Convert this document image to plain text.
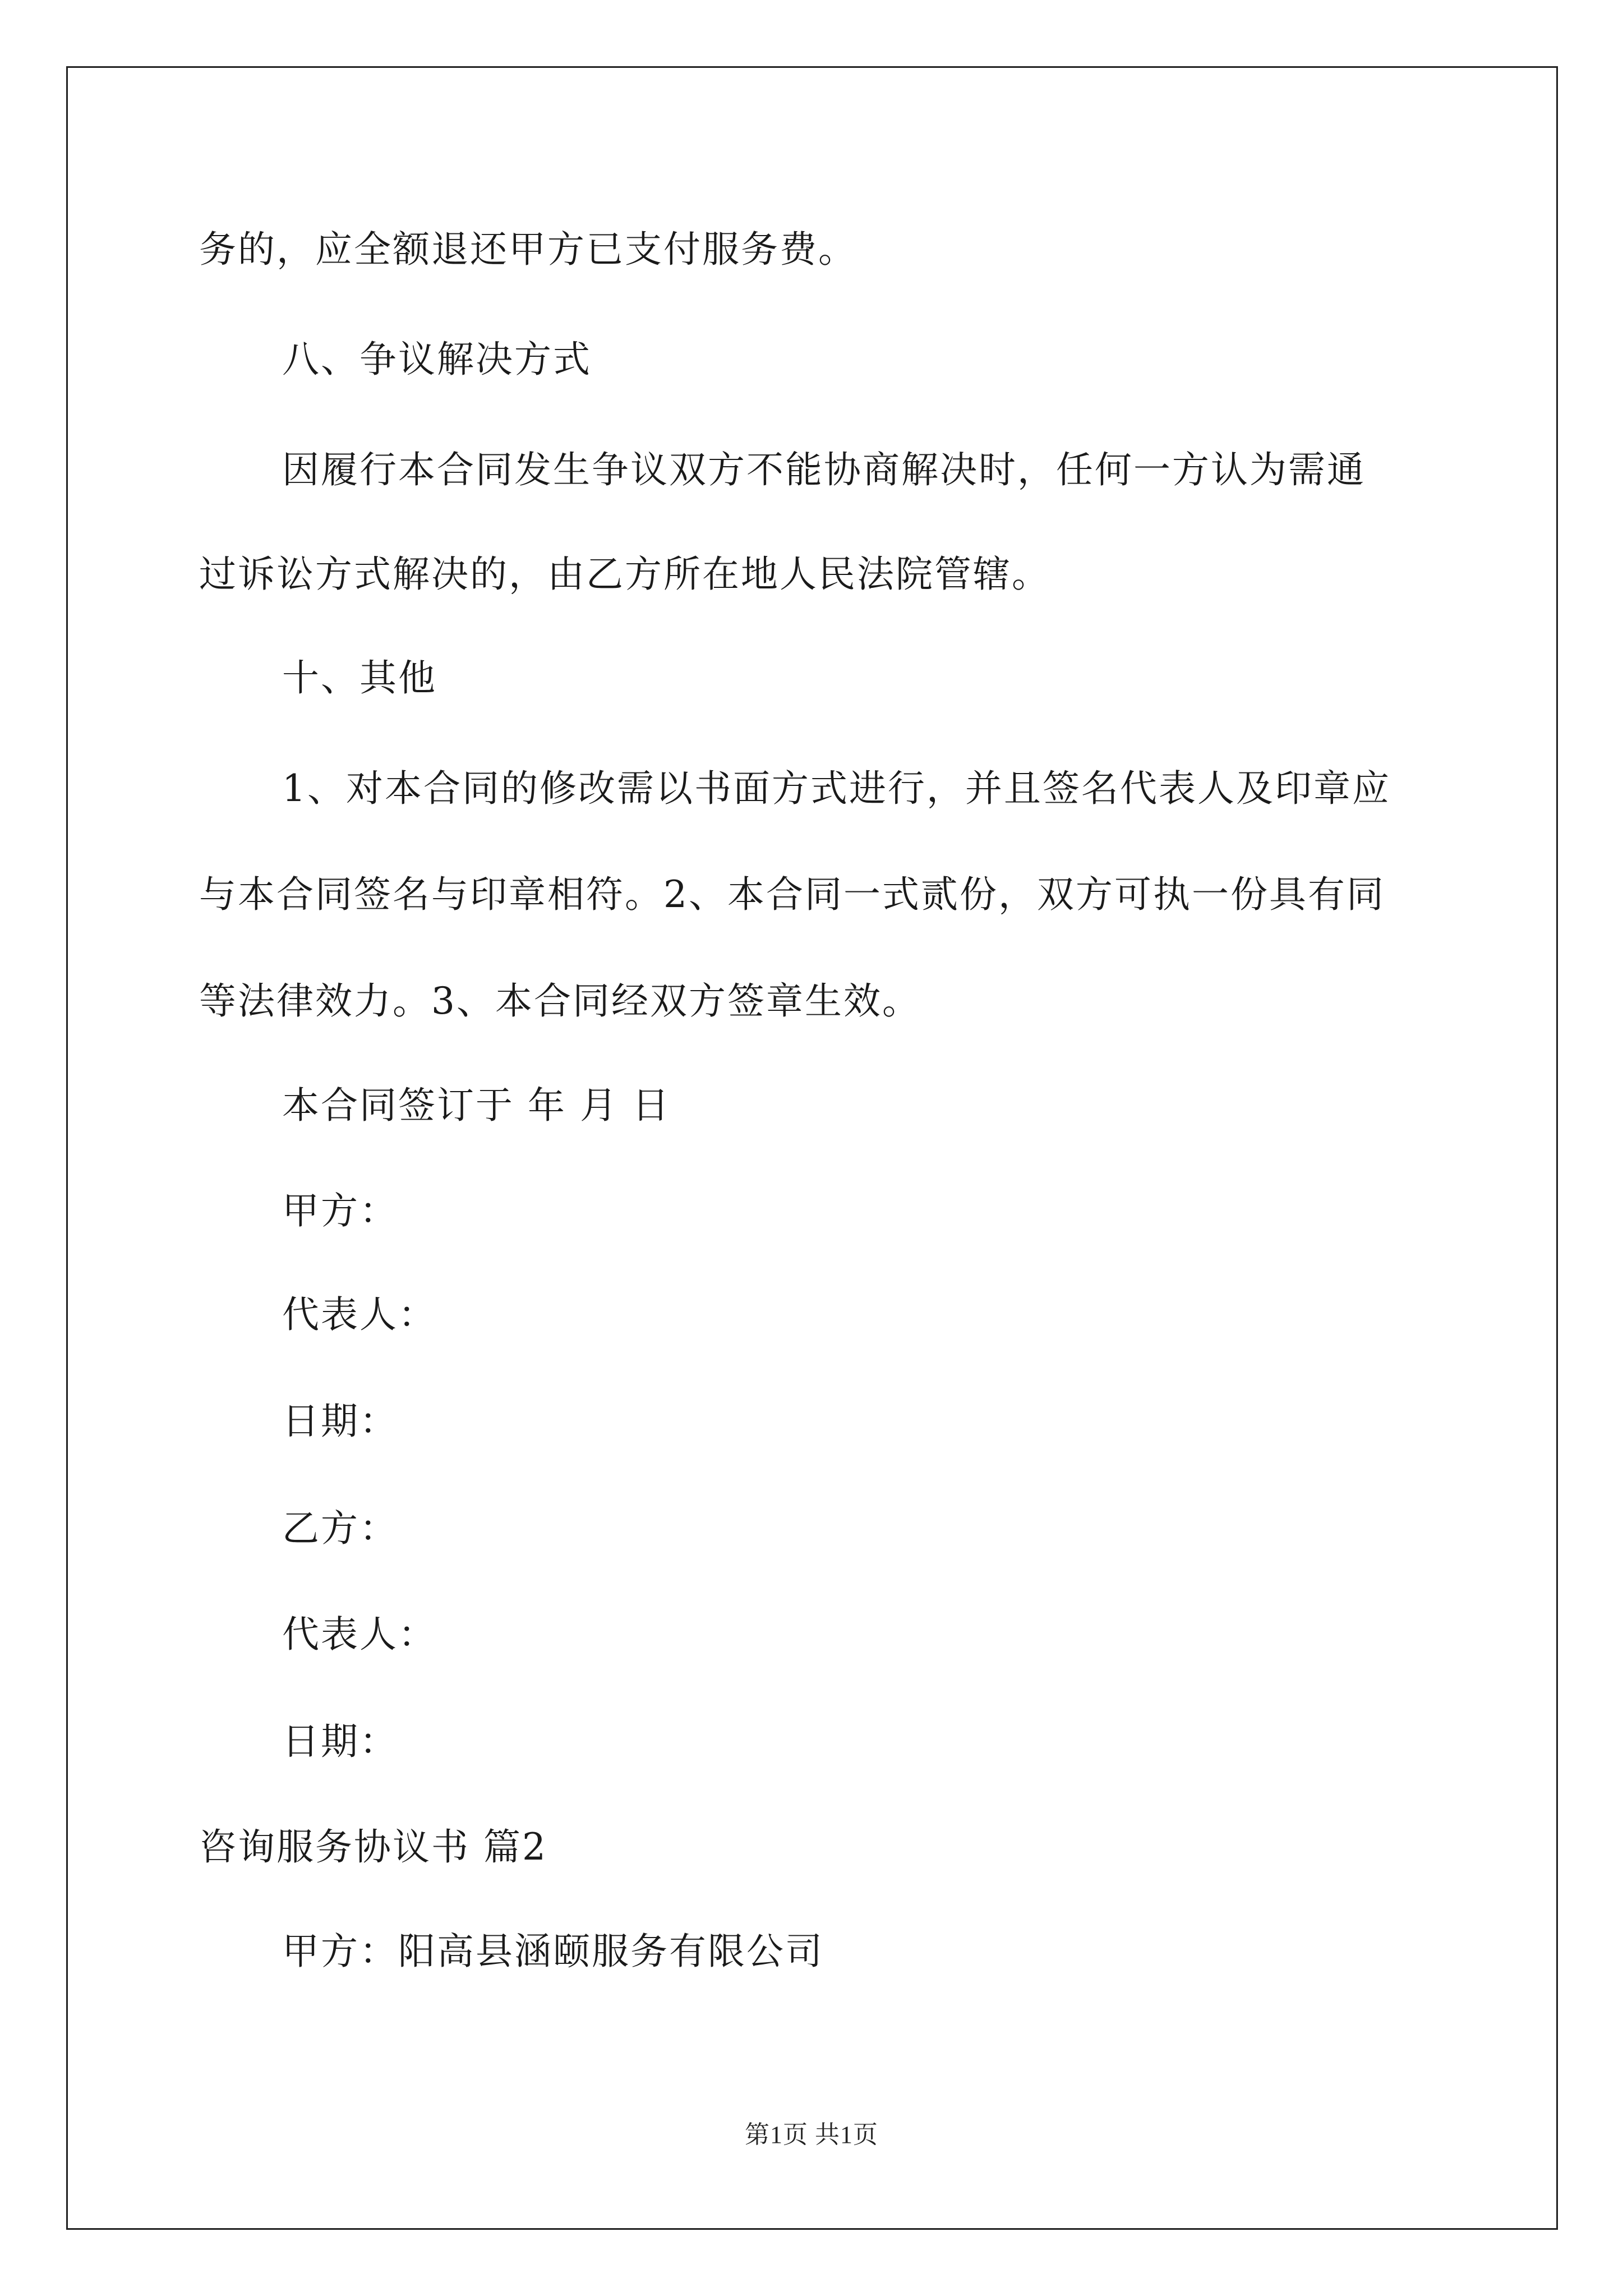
务的，应全额退还甲方已支付服务费。
八、争议解决方式
因履行本合同发生争议双方不能协商解决时，任何一方认为需通
过诉讼方式解决的，由乙方所在地人民法院管辖。
十、其他
1、对本合同的修改需以书面方式进行，并且签名代表人及印章应
与本合同签名与印章相符。2、本合同一式贰份，双方可执一份具有同
等法律效力。3、本合同经双方签章生效。
本合同签订于 年 月 日
甲方：
代表人：
日期：
乙方：
代表人：
日期：
咨询服务协议书 篇2
甲方：阳高县涵颐服务有限公司
第1页 共1页
